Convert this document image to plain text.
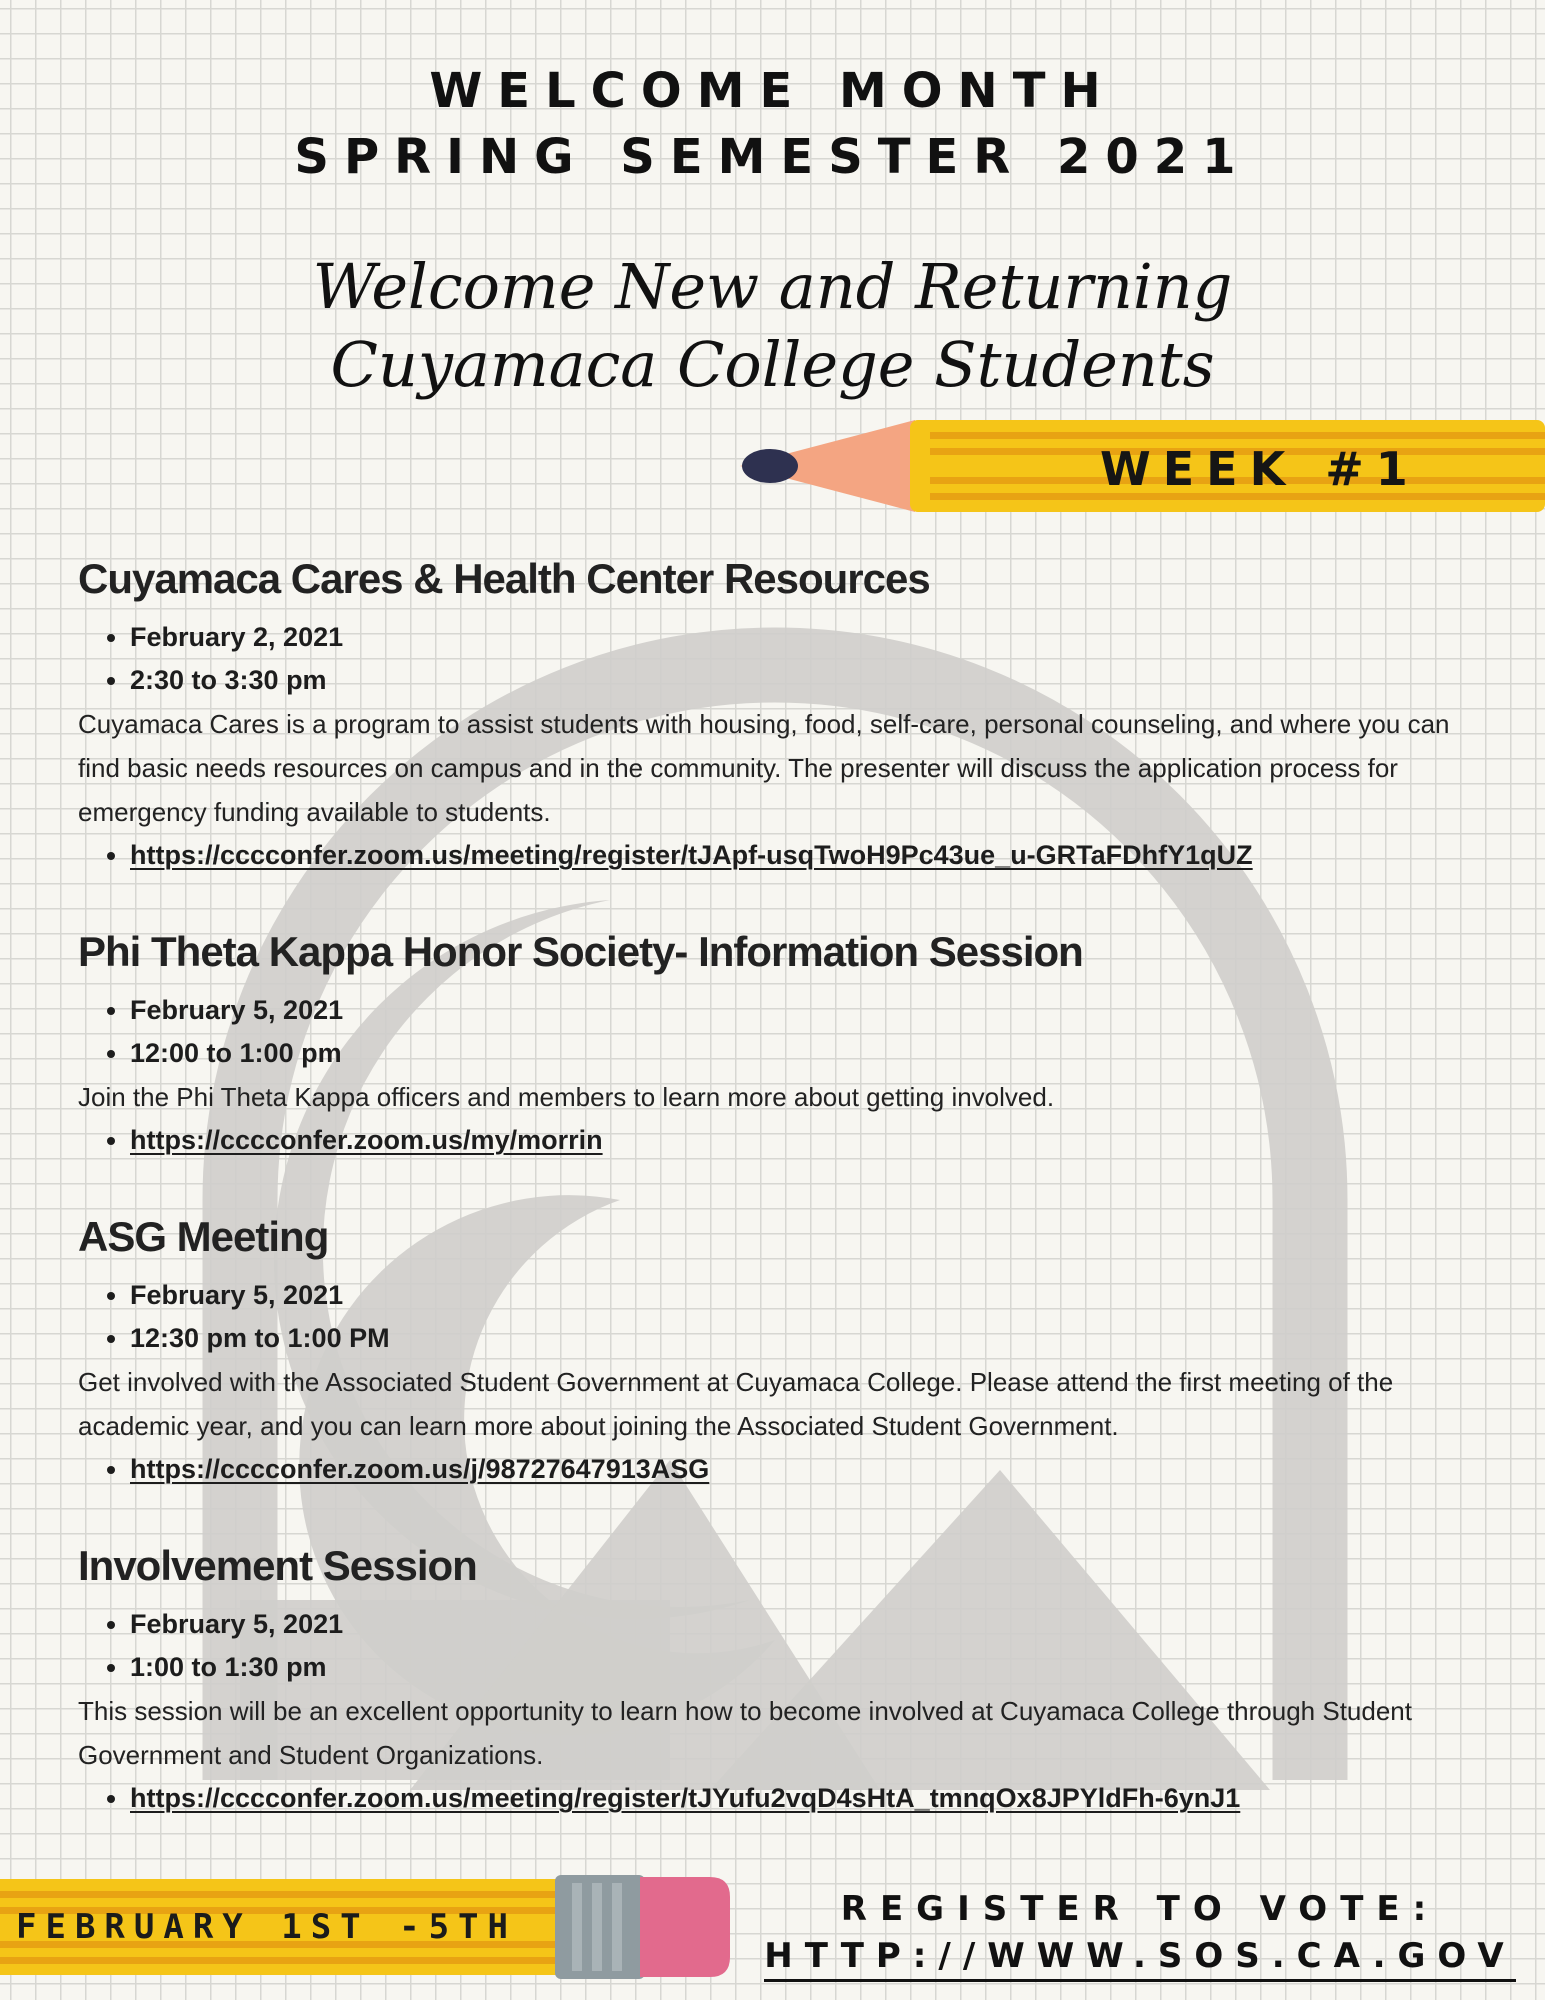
WELCOME MONTH
SPRING SEMESTER 2021
Welcome New and Returning
Cuyamaca College Students
WEEK #1
Cuyamaca Cares & Health Center Resources
• February 2, 2021
• 2:30 to 3:30 pm

Cuyamaca Cares is a program to assist students with housing, food, self-care, personal counseling, and where you can find basic needs resources on campus and in the community. The presenter will discuss the application process for emergency funding available to students.

• https://cccconfer.zoom.us/meeting/register/tJApf-usqTwoH9Pc43ue_u-GRTaFDhfY1qUZ
Phi Theta Kappa Honor Society- Information Session
• February 5, 2021
• 12:00 to 1:00 pm

Join the Phi Theta Kappa officers and members to learn more about getting involved.

• https://cccconfer.zoom.us/my/morrin
ASG Meeting
• February 5, 2021
• 12:30 pm to 1:00 PM

Get involved with the Associated Student Government at Cuyamaca College. Please attend the first meeting of the academic year, and you can learn more about joining the Associated Student Government.

• https://cccconfer.zoom.us/j/98727647913ASG
Involvement Session
• February 5, 2021
• 1:00 to 1:30 pm

This session will be an excellent opportunity to learn how to become involved at Cuyamaca College through Student Government and Student Organizations.

• https://cccconfer.zoom.us/meeting/register/tJYufu2vqD4sHtA_tmnqOx8JPYldFh-6ynJ1
FEBRUARY 1ST -5TH	REGISTER TO VOTE:
HTTP://WWW.SOS.CA.GOV
